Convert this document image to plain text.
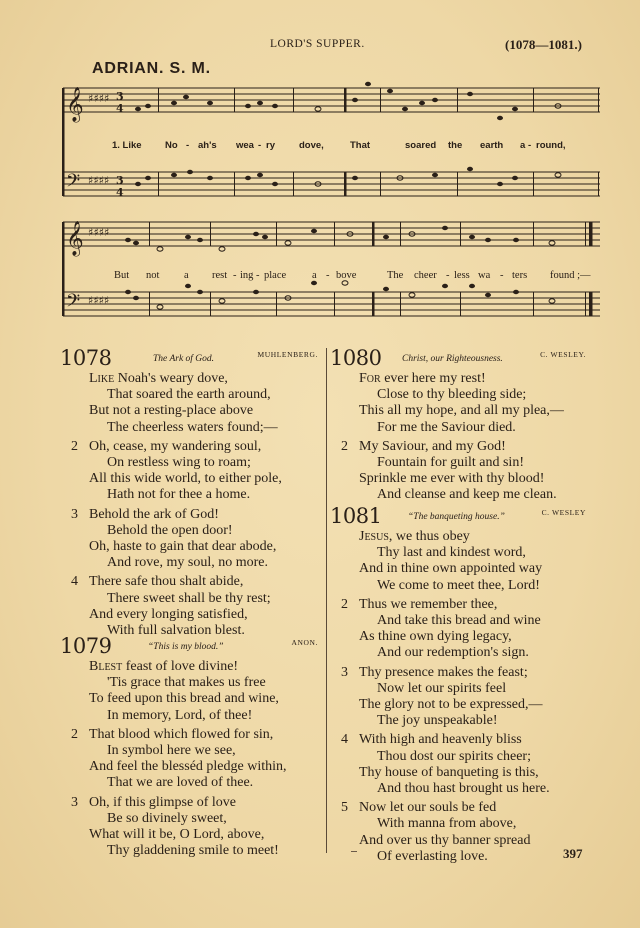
LORD'S SUPPER.	(1078—1081.)
ADRIAN. S. M.
𝄞
𝄢
♯♯♯♯
♯♯♯♯
3
4
3
4
1. Like No - ah's wea - ry	dove,	That	soared the earth a - round,
𝄞
𝄢
♯♯♯♯
♯♯♯♯
But not a rest - ing - place a - bove	The cheer - less wa - ters found ;—
1078	The Ark of God.	MUHLENBERG.
Like Noah's weary dove,
That soared the earth around,
But not a resting-place above
The cheerless waters found;—
2 Oh, cease, my wandering soul,
On restless wing to roam;
All this wide world, to either pole,
Hath not for thee a home.
3 Behold the ark of God!
Behold the open door!
Oh, haste to gain that dear abode,
And rove, my soul, no more.
4 There safe thou shalt abide,
There sweet shall be thy rest;
And every longing satisfied,
With full salvation blest.
1079	“This is my blood.”	ANON.
Blest feast of love divine!
'Tis grace that makes us free
To feed upon this bread and wine,
In memory, Lord, of thee!
2 That blood which flowed for sin,
In symbol here we see,
And feel the blesséd pledge within,
That we are loved of thee.
3 Oh, if this glimpse of love
Be so divinely sweet,
What will it be, O Lord, above,
Thy gladdening smile to meet!
1080 Christ, our Righteousness.	C. WESLEY.
For ever here my rest!
Close to thy bleeding side;
This all my hope, and all my plea,—
For me the Saviour died.
2 My Saviour, and my God!
Fountain for guilt and sin!
Sprinkle me ever with thy blood!
And cleanse and keep me clean.
1081	“The banqueting house.”	C. WESLEY
Jesus, we thus obey
Thy last and kindest word,
And in thine own appointed way
We come to meet thee, Lord!
2 Thus we remember thee,
And take this bread and wine
As thine own dying legacy,
And our redemption's sign.
3 Thy presence makes the feast;
Now let our spirits feel
The glory not to be expressed,—
The joy unspeakable!
4 With high and heavenly bliss
Thou dost our spirits cheer;
Thy house of banqueting is this,
And thou hast brought us here.
5 Now let our souls be fed
With manna from above,
And over us thy banner spread
Of everlasting love.	397
